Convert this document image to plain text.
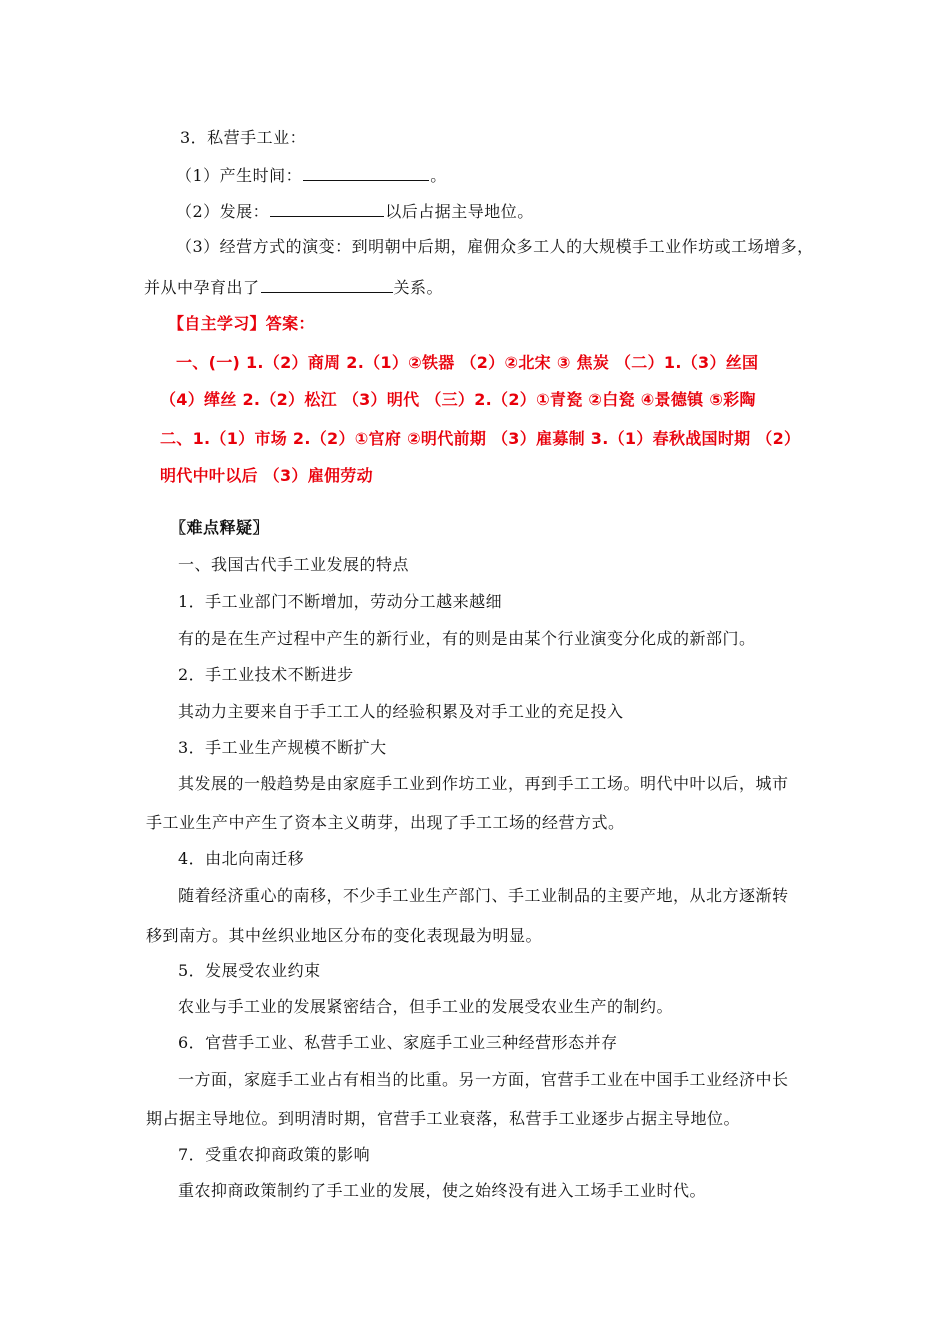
3．私营手工业：
（1）产生时间：	。
（2）发展：	以后占据主导地位。
（3）经营方式的演变：到明朝中后期，雇佣众多工人的大规模手工业作坊或工场增多，
并从中孕育出了	关系。
【自主学习】答案：
一、(一) 1.（2）商周 2.（1）②铁器 （2）②北宋 ③ 焦炭 （二）1.（3）丝国
（4）缂丝 2.（2）松江 （3）明代 （三）2.（2）①青瓷 ②白瓷 ④景德镇 ⑤彩陶
二、1.（1）市场 2.（2）①官府 ②明代前期 （3）雇募制 3.（1）春秋战国时期 （2）
明代中叶以后 （3）雇佣劳动
〖难点释疑〗
一、我国古代手工业发展的特点
1．手工业部门不断增加，劳动分工越来越细
有的是在生产过程中产生的新行业，有的则是由某个行业演变分化成的新部门。
2．手工业技术不断进步
其动力主要来自于手工工人的经验积累及对手工业的充足投入
3．手工业生产规模不断扩大
其发展的一般趋势是由家庭手工业到作坊工业，再到手工工场。明代中叶以后，城市
手工业生产中产生了资本主义萌芽，出现了手工工场的经营方式。
4．由北向南迁移
随着经济重心的南移，不少手工业生产部门、手工业制品的主要产地，从北方逐渐转
移到南方。其中丝织业地区分布的变化表现最为明显。
5．发展受农业约束
农业与手工业的发展紧密结合，但手工业的发展受农业生产的制约。
6．官营手工业、私营手工业、家庭手工业三种经营形态并存
一方面，家庭手工业占有相当的比重。另一方面，官营手工业在中国手工业经济中长
期占据主导地位。到明清时期，官营手工业衰落，私营手工业逐步占据主导地位。
7．受重农抑商政策的影响
重农抑商政策制约了手工业的发展，使之始终没有进入工场手工业时代。
